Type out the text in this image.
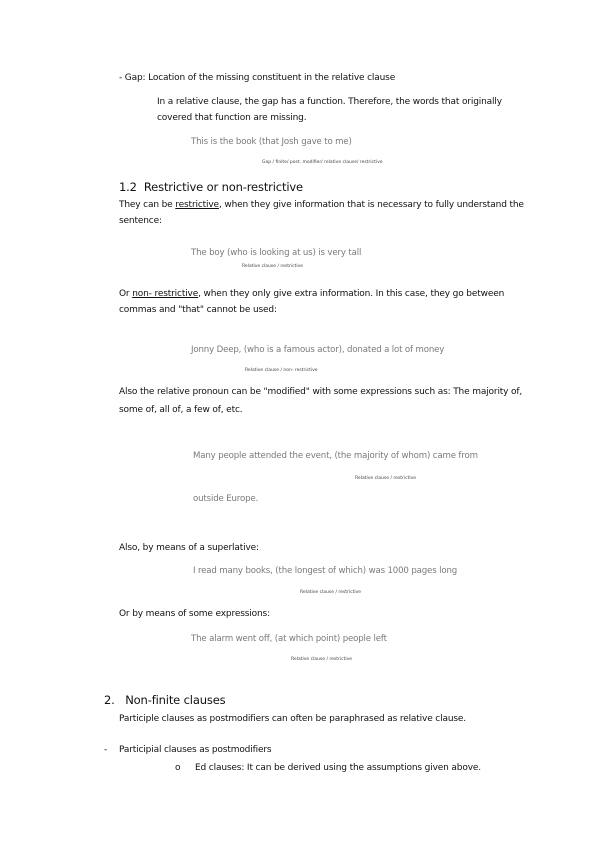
- Gap: Location of the missing constituent in the relative clause
In a relative clause, the gap has a function. Therefore, the words that originally
covered that function are missing.
This is the book (that Josh gave to me)
Gap / finite/ post. modifier/ relative clause/ restrictive
1.2 Restrictive or non-restrictive
They can be restrictive, when they give information that is necessary to fully understand the
sentence:
The boy (who is looking at us) is very tall
Relative clause / restrictive
Or non- restrictive, when they only give extra information. In this case, they go between
commas and "that" cannot be used:
Jonny Deep, (who is a famous actor), donated a lot of money
Relative clause / non- restrictive
Also the relative pronoun can be "modified" with some expressions such as: The majority of,
some of, all of, a few of, etc.
Many people attended the event, (the majority of whom) came from
Relative clause / restrictive
outside Europe.
Also, by means of a superlative:
I read many books, (the longest of which) was 1000 pages long
Relative clause / restrictive
Or by means of some expressions:
The alarm went off, (at which point) people left
Relative clause / restrictive
2. Non-finite clauses
Participle clauses as postmodifiers can often be paraphrased as relative clause.
- Participial clauses as postmodifiers
o Ed clauses: It can be derived using the assumptions given above.
